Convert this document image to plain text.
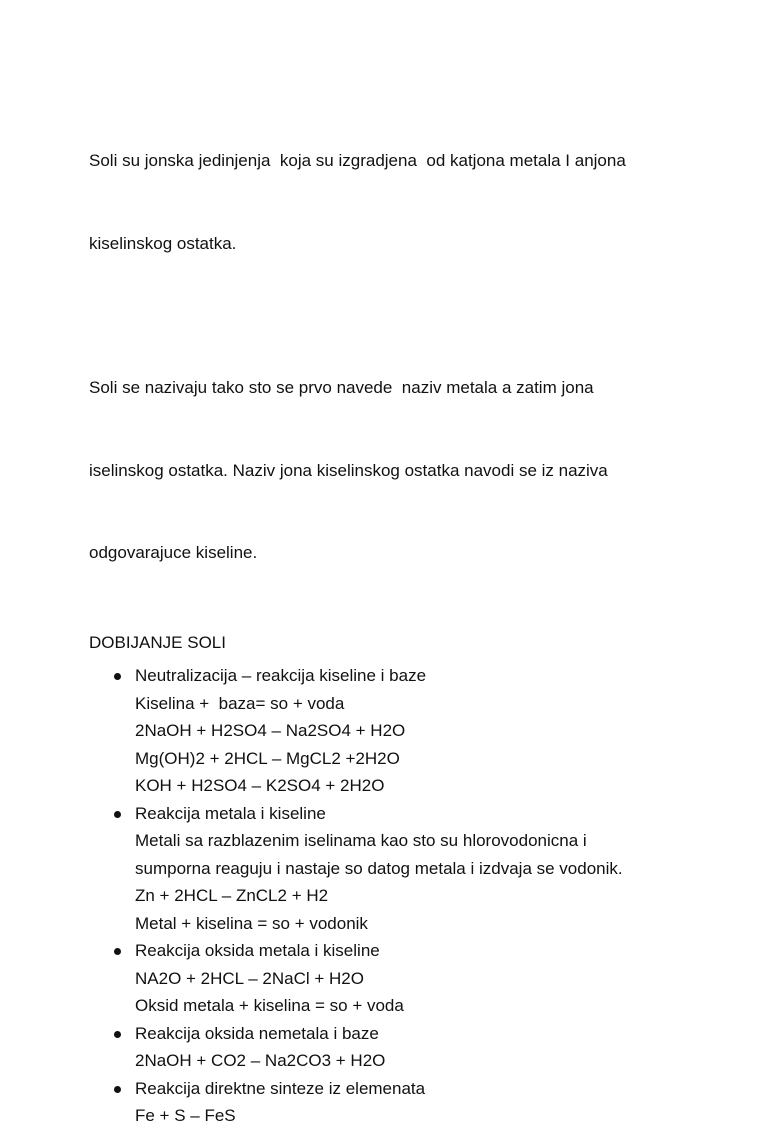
Soli su jonska jedinjenja  koja su izgradjena  od katjona metala I anjona

kiselinskog ostatka.

Soli se nazivaju tako sto se prvo navede  naziv metala a zatim jona

iselinskog ostatka. Naziv jona kiselinskog ostatka navodi se iz naziva

odgovarajuce kiseline.

DOBIJANJE SOLI
Neutralizacija – reakcija kiseline i baze
Kiselina +  baza= so + voda
2NaOH + H2SO4 – Na2SO4 + H2O
Mg(OH)2 + 2HCL – MgCL2 +2H2O
KOH + H2SO4 – K2SO4 + 2H2O
Reakcija metala i kiseline
Metali sa razblazenim iselinama kao sto su hlorovodonicna i
sumporna reaguju i nastaje so datog metala i izdvaja se vodonik.
Zn + 2HCL – ZnCL2 + H2
Metal + kiselina = so + vodonik
Reakcija oksida metala i kiseline
NA2O + 2HCL – 2NaCl + H2O
Oksid metala + kiselina = so + voda
Reakcija oksida nemetala i baze
2NaOH + CO2 – Na2CO3 + H2O
Reakcija direktne sinteze iz elemenata
Fe + S – FeS
